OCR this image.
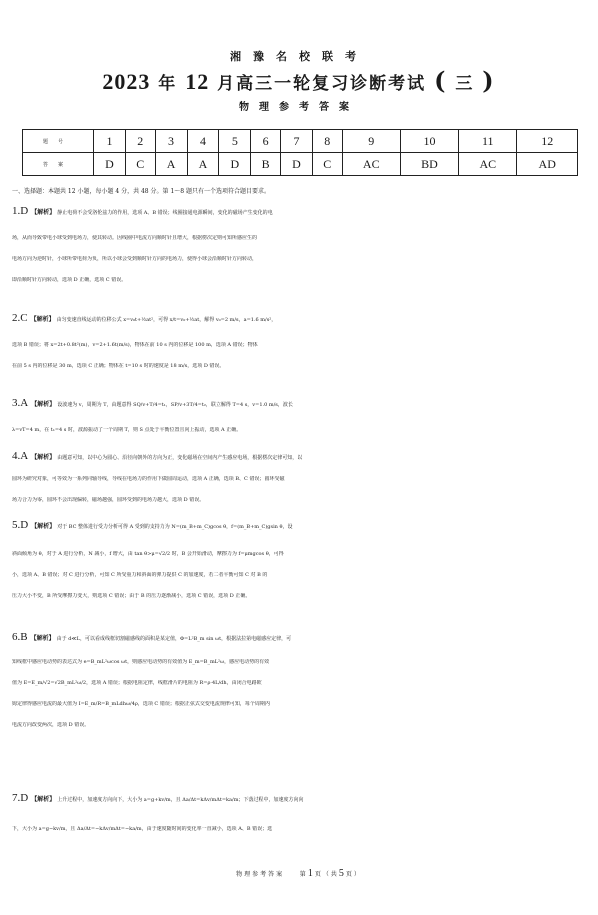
湘豫名校联考
2023 年 12 月高三一轮复习诊断考试 ( 三 )
物理参考答案
题号	1	2	3	4	5	6	7	8	9	10	11	12
答案	D	C	A	A	D	B	D	C	AC	BD	AC	AD
一、选择题：本题共 12 小题，每小题 4 分，共 48 分。第 1～8 题只有一个选项符合题目要求。
1.D 【解析】 静止电荷不会受洛伦兹力的作用，选项 A、B 错误；线圈接通电源瞬间，变化的磁场产生变化的电
场，从而导致带电小球受到电场力，使其转动。因线圈中电流方向顺时针且增大，根据楞次定则可知所感应生的
电场方向为逆时针，小球所带电荷为负，所以小球会受到顺时针方向的电场力，使得小球会沿顺时针方向转动，
即沿顺时针方向转动，选项 D 正确，选项 C 错误。
2.C 【解析】 由匀变速直线运动的位移公式 x=v₀t+½at²，可得 x/t=v₀+½at，解得 v₀=2 m/s，a=1.6 m/s²，
选项 B 错误；将 x=2t+0.8t²(m)，v=2+1.6t(m/s)，物体在前 10 s 内的位移是 100 m，选项 A 错误；物体
在前 5 s 内的位移是 30 m，选项 C 正确；物体在 t=10 s 时的速度是 18 m/s，选项 D 错误。
3.A 【解析】 设波速为 v，周期为 T，由题意得 SQ/v+T/4=t₁，SP/v+3T/4=t₂，联立解得 T=4 s，v=1.0 m/s，波长
λ=vT=4 m，在 t₁=4 s 时，波源振动了一个周期 T，则 S 点处于平衡位置且向上振动，选项 A 正确。
4.A 【解析】 由题意可知，以中心为圆心、沿径向朝外的方向为正，变化磁场在空间内产生感应电场，根据楞次定律可知，以
圆环为研究对象，可等效为一系列同轴导线，导线在电场力的作用下做圆周运动，选项 A 正确，选项 B、C 错误；圆环受磁
场力合力为零，圆环不会出现偏转，磁场越强，圆环受到的电场力越大，选项 D 错误。
5.D 【解析】 对于 BC 整体进行受力分析可得 A 受到的支持力为 N=(m_B+m_C)gcos θ，f=(m_B+m_C)gsin θ，设
斜面倾角为 θ，对于 A 进行分析，N 减小，f 增大，由 tan θ>μ=√2/2 时，B 会开始滑动，摩擦力为 f=μmgcos θ，可得
小，选项 A、B 错误；对 C 进行分析，可知 C 所受重力和斜面的弹力提供 C 的加速度，若二者平衡可知 C 对 B 的
压力大小不变，B 所受摩擦力变大，则选项 C 错误；由于 B 的压力逐渐减小，选项 C 错误，选项 D 正确。
6.B 【解析】 由于 d≪L，可以看成线框切割磁感线的面积是某定值，Φ=L²B_m sin ωt，根据法拉第电磁感应定律，可
知线框中感应电动势的表达式为 e=B_mL²ωcos ωt，则感应电动势的有效值为 E_m=B_mL²ω，感应电动势的有效
值为 E=E_m/√2=√2B_mL²ω/2，选项 A 错误；根据电阻定律，线框滑片的电阻为 R=ρ·4L/dh，由闭合电路欧
姆定律得感应电流的最大值为 I=E_m/R=B_mLdhω/4ρ，选项 C 错误；根据正弦式交变电流规律可知，每个周期内
电流方向改变两次，选项 D 错误。
7.D 【解析】 上升过程中，加速度方向向下，大小为 a=g+kv/m，且 Δa/Δt=kΔv/mΔt=ka/m；下落过程中，加速度方向向
下，大小为 a=g−kv/m，且 Δa/Δt=−kΔv/mΔt=−ka/m，由于速度随时间的变化率一直减小，选项 A、B 错误；选
物理参考答案	第1页（共5页）
